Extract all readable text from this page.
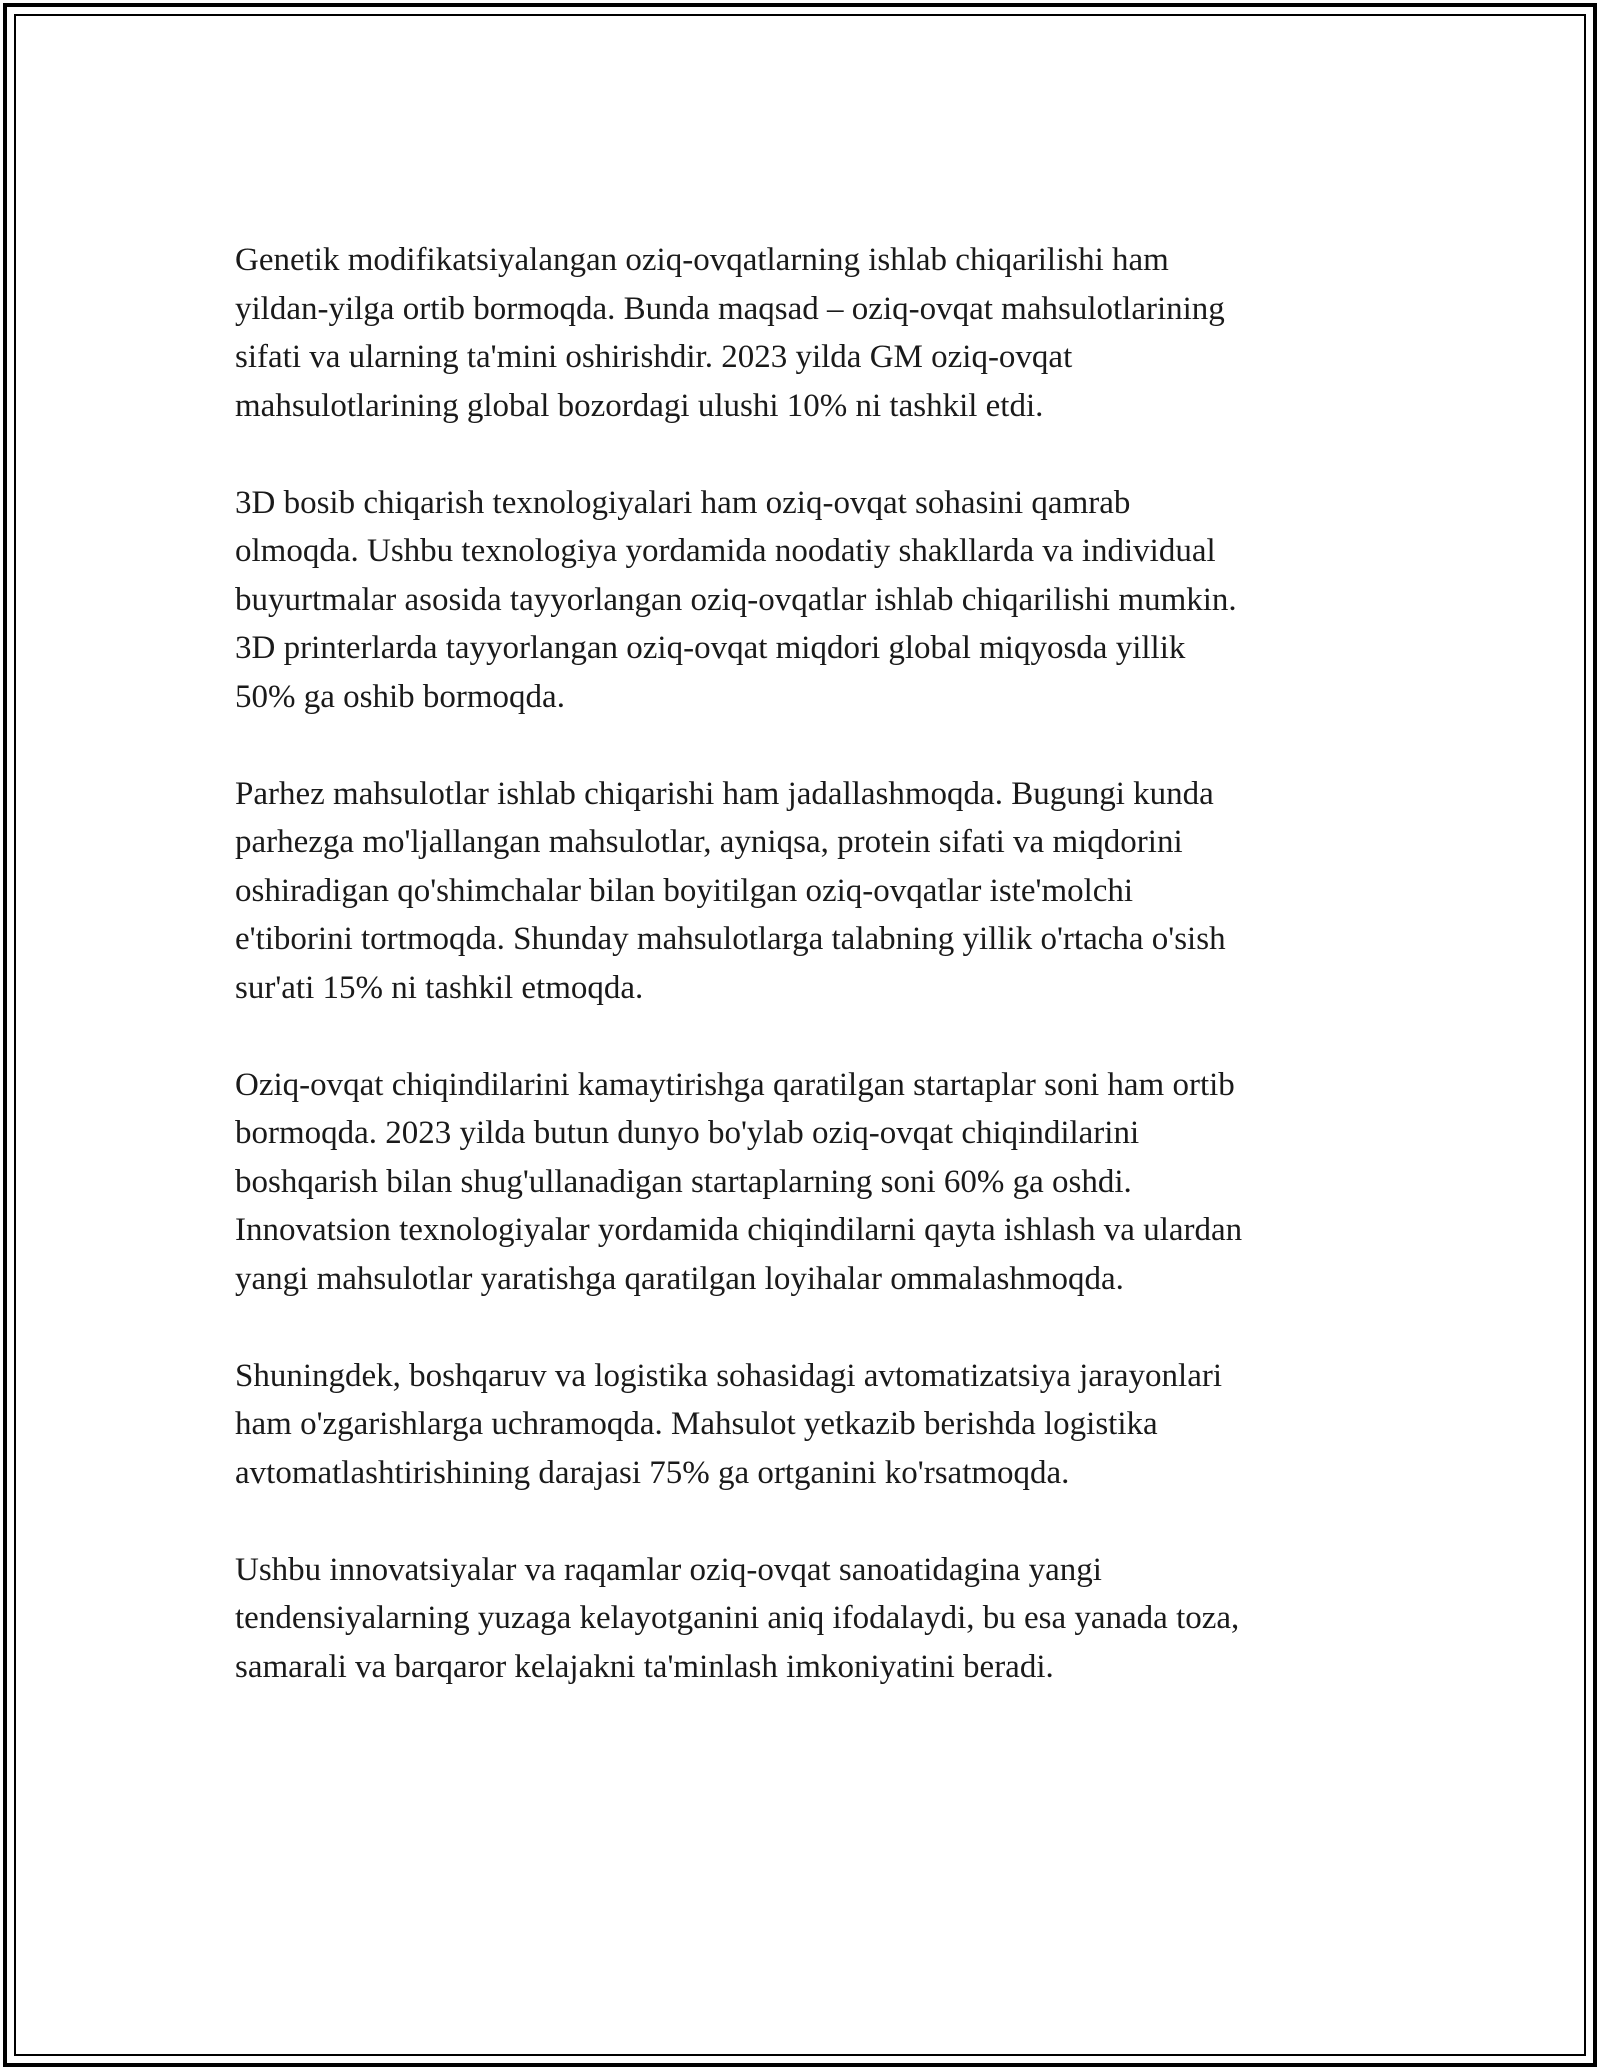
Genetik modifikatsiyalangan oziq-ovqatlarning ishlab chiqarilishi ham
yildan-yilga ortib bormoqda. Bunda maqsad – oziq-ovqat mahsulotlarining
sifati va ularning ta'mini oshirishdir. 2023 yilda GM oziq-ovqat
mahsulotlarining global bozordagi ulushi 10% ni tashkil etdi.

3D bosib chiqarish texnologiyalari ham oziq-ovqat sohasini qamrab
olmoqda. Ushbu texnologiya yordamida noodatiy shakllarda va individual
buyurtmalar asosida tayyorlangan oziq-ovqatlar ishlab chiqarilishi mumkin.
3D printerlarda tayyorlangan oziq-ovqat miqdori global miqyosda yillik
50% ga oshib bormoqda.

Parhez mahsulotlar ishlab chiqarishi ham jadallashmoqda. Bugungi kunda
parhezga mo'ljallangan mahsulotlar, ayniqsa, protein sifati va miqdorini
oshiradigan qo'shimchalar bilan boyitilgan oziq-ovqatlar iste'molchi
e'tiborini tortmoqda. Shunday mahsulotlarga talabning yillik o'rtacha o'sish
sur'ati 15% ni tashkil etmoqda.

Oziq-ovqat chiqindilarini kamaytirishga qaratilgan startaplar soni ham ortib
bormoqda. 2023 yilda butun dunyo bo'ylab oziq-ovqat chiqindilarini
boshqarish bilan shug'ullanadigan startaplarning soni 60% ga oshdi.
Innovatsion texnologiyalar yordamida chiqindilarni qayta ishlash va ulardan
yangi mahsulotlar yaratishga qaratilgan loyihalar ommalashmoqda.

Shuningdek, boshqaruv va logistika sohasidagi avtomatizatsiya jarayonlari
ham o'zgarishlarga uchramoqda. Mahsulot yetkazib berishda logistika
avtomatlashtirishining darajasi 75% ga ortganini ko'rsatmoqda.

Ushbu innovatsiyalar va raqamlar oziq-ovqat sanoatidagina yangi
tendensiyalarning yuzaga kelayotganini aniq ifodalaydi, bu esa yanada toza,
samarali va barqaror kelajakni ta'minlash imkoniyatini beradi.
